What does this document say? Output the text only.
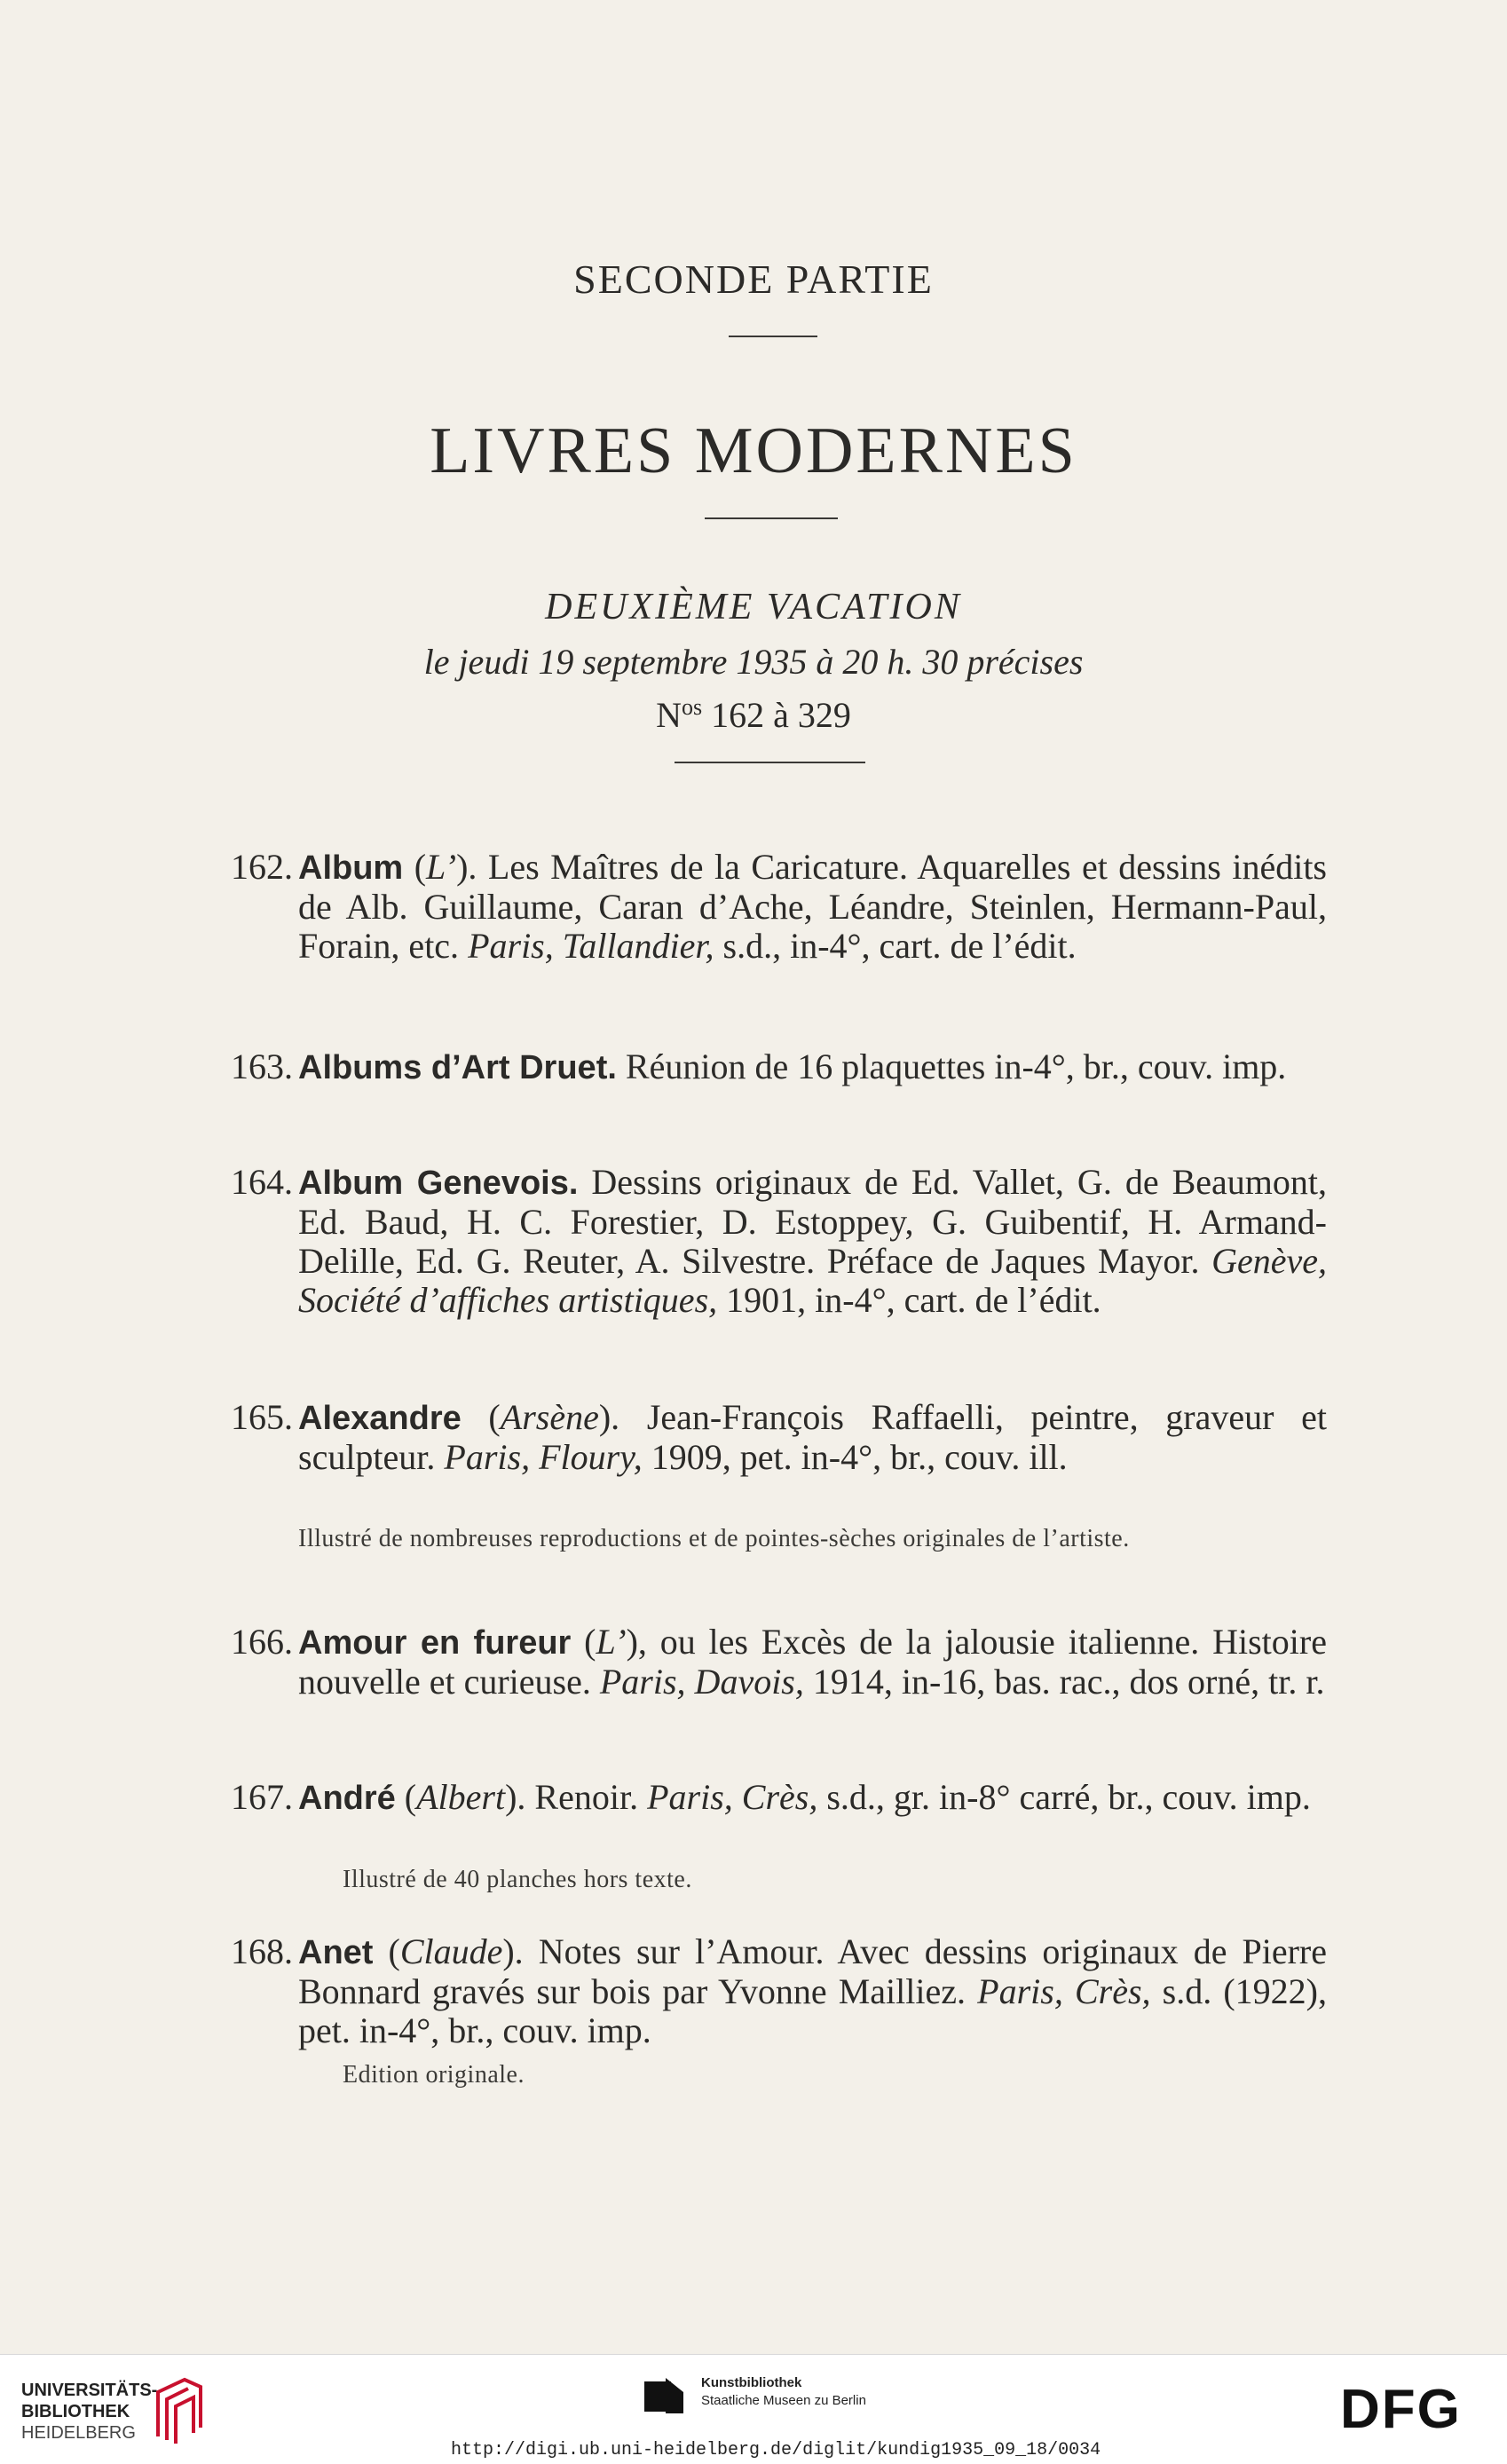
SECONDE PARTIE
LIVRES MODERNES
DEUXIÈME VACATION
le jeudi 19 septembre 1935 à 20 h. 30 précises
$N^{os}$ 162 à 329
162. Album (L’). Les Maîtres de la Caricature. Aquarelles et dessins inédits de Alb. Guillaume, Caran d’Ache, Léandre, Steinlen, Hermann-Paul, Forain, etc. Paris, Tallandier, s.d., in-4°, cart. de l’édit.
163. Albums d’Art Druet. Réunion de 16 plaquettes in-4°, br., couv. imp.
164. Album Genevois. Dessins originaux de Ed. Vallet, G. de Beaumont, Ed. Baud, H. C. Forestier, D. Estoppey, G. Guibentif, H. Armand-Delille, Ed. G. Reuter, A. Silvestre. Préface de Jaques Mayor. Genève, Société d’affiches artistiques, 1901, in-4°, cart. de l’édit.
165. Alexandre (Arsène). Jean-François Raffaelli, peintre, graveur et sculpteur. Paris, Floury, 1909, pet. in-4°, br., couv. ill.
Illustré de nombreuses reproductions et de pointes-sèches originales de l’artiste.
166. Amour en fureur (L’), ou les Excès de la jalousie italienne. Histoire nouvelle et curieuse. Paris, Davois, 1914, in-16, bas. rac., dos orné, tr. r.
167. André (Albert). Renoir. Paris, Crès, s.d., gr. in-8° carré, br., couv. imp.
Illustré de 40 planches hors texte.
168. Anet (Claude). Notes sur l’Amour. Avec dessins originaux de Pierre Bonnard gravés sur bois par Yvonne Mailliez. Paris, Crès, s.d. (1922), pet. in-4°, br., couv. imp.
Edition originale.
UNIVERSITÄTS-
BIBLIOTHEK
HEIDELBERG
Kunstbibliothek
Staatliche Museen zu Berlin	DFG
http://digi.ub.uni-heidelberg.de/diglit/kundig1935_09_18/0034
